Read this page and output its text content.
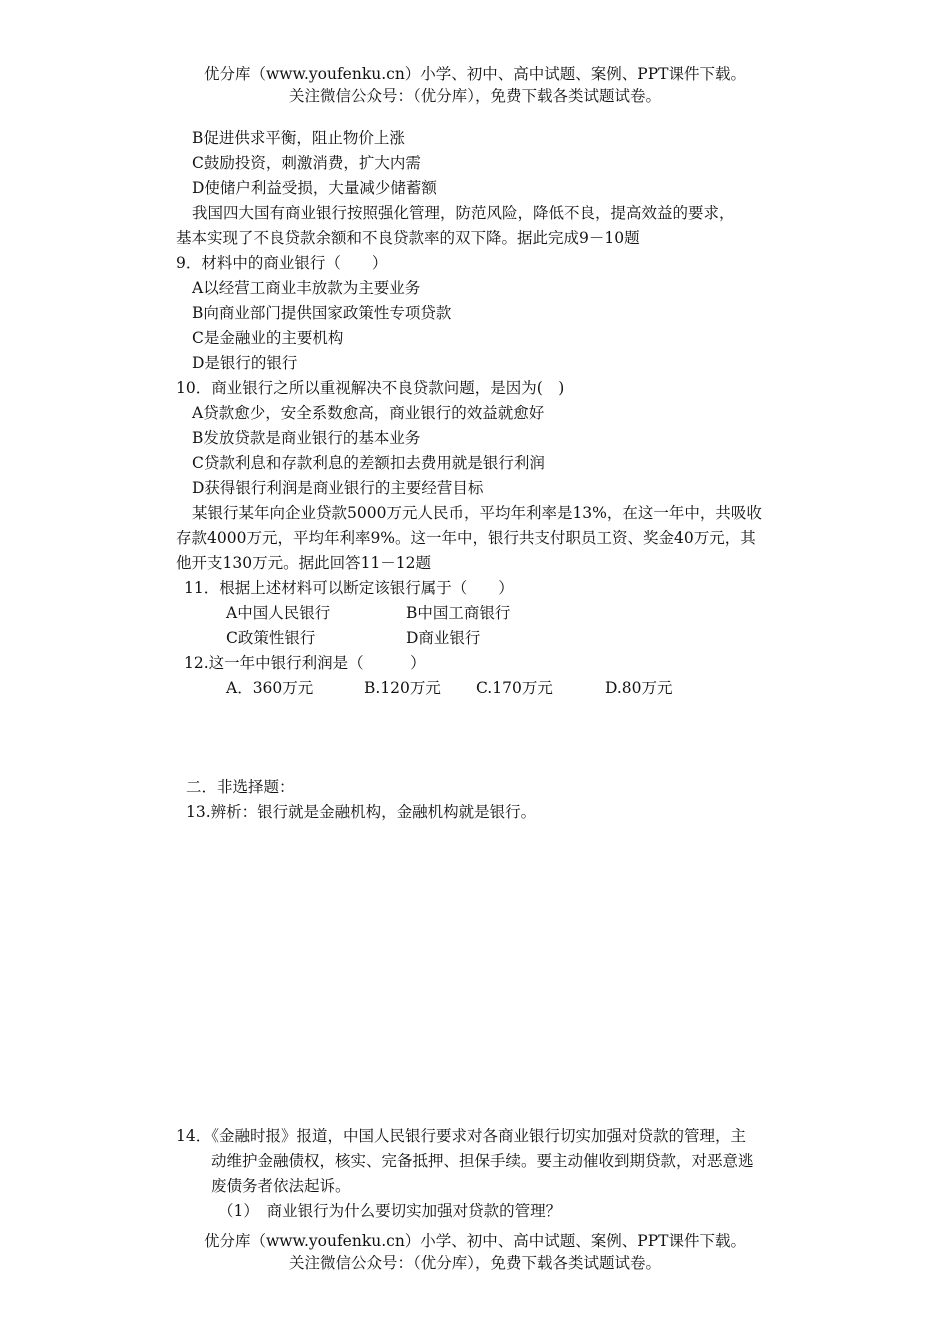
优分库（www.youfenku.cn）小学、初中、高中试题、案例、PPT课件下载。
关注微信公众号：（优分库），免费下载各类试题试卷。
B促进供求平衡，阻止物价上涨
C鼓励投资，刺激消费，扩大内需
D使储户利益受损，大量减少储蓄额
我国四大国有商业银行按照强化管理，防范风险，降低不良，提高效益的要求，
基本实现了不良贷款余额和不良贷款率的双下降。据此完成9－10题
9．材料中的商业银行（　　）
A以经营工商业丰放款为主要业务
B向商业部门提供国家政策性专项贷款
C是金融业的主要机构
D是银行的银行
10．商业银行之所以重视解决不良贷款问题，是因为(　)
A贷款愈少，安全系数愈高，商业银行的效益就愈好
B发放贷款是商业银行的基本业务
C贷款利息和存款利息的差额扣去费用就是银行利润
D获得银行利润是商业银行的主要经营目标
某银行某年向企业贷款5000万元人民币，平均年利率是13%，在这一年中，共吸收
存款4000万元，平均年利率9%。这一年中，银行共支付职员工资、奖金40万元，其
他开支130万元。据此回答11－12题
11．根据上述材料可以断定该银行属于（　　）
A中国人民银行	B中国工商银行
C政策性银行	D商业银行
12.这一年中银行利润是（　　　）
A．360万元	B.120万元 C.170万元	D.80万元
二．非选择题：
13.辨析：银行就是金融机构，金融机构就是银行。
14．《金融时报》报道，中国人民银行要求对各商业银行切实加强对贷款的管理，主
动维护金融债权，核实、完备抵押、担保手续。要主动催收到期贷款，对恶意逃
废债务者依法起诉。
（1）　商业银行为什么要切实加强对贷款的管理？
优分库（www.youfenku.cn）小学、初中、高中试题、案例、PPT课件下载。
关注微信公众号：（优分库），免费下载各类试题试卷。
